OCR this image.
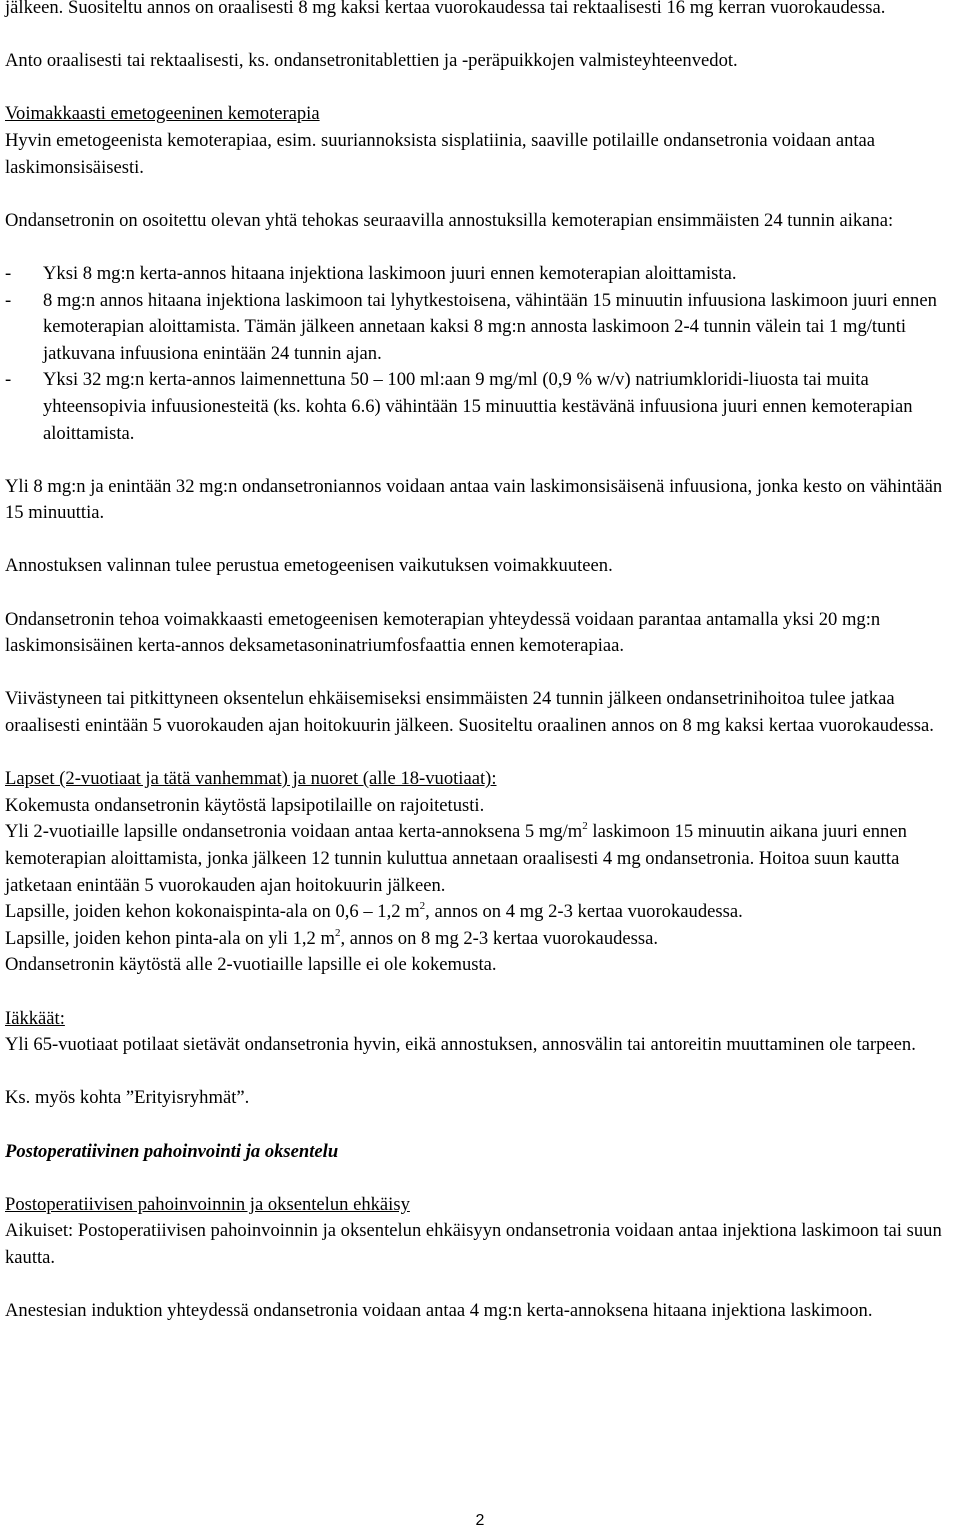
jälkeen. Suositeltu annos on oraalisesti 8 mg kaksi kertaa vuorokaudessa tai rektaalisesti 16 mg kerran vuorokaudessa.

Anto oraalisesti tai rektaalisesti, ks. ondansetronitablettien ja -peräpuikkojen valmisteyhteenvedot.

Voimakkaasti emetogeeninen kemoterapia

Hyvin emetogeenista kemoterapiaa, esim. suuriannoksista sisplatiinia, saaville potilaille ondansetronia voidaan antaa laskimonsisäisesti.

Ondansetronin on osoitettu olevan yhtä tehokas seuraavilla annostuksilla kemoterapian ensimmäisten 24 tunnin aikana:

-	Yksi 8 mg:n kerta-annos hitaana injektiona laskimoon juuri ennen kemoterapian aloittamista.
-	8 mg:n annos hitaana injektiona laskimoon tai lyhytkestoisena, vähintään 15 minuutin infuusiona laskimoon juuri ennen kemoterapian aloittamista. Tämän jälkeen annetaan kaksi 8 mg:n annosta laskimoon 2-4 tunnin välein tai 1 mg/tunti jatkuvana infuusiona enintään 24 tunnin ajan.
-	Yksi 32 mg:n kerta-annos laimennettuna 50 – 100 ml:aan 9 mg/ml (0,9 % w/v) natriumkloridi-liuosta tai muita yhteensopivia infuusionesteitä (ks. kohta 6.6) vähintään 15 minuuttia kestävänä infuusiona juuri ennen kemoterapian aloittamista.

Yli 8 mg:n ja enintään 32 mg:n ondansetroniannos voidaan antaa vain laskimonsisäisenä infuusiona, jonka kesto on vähintään 15 minuuttia.

Annostuksen valinnan tulee perustua emetogeenisen vaikutuksen voimakkuuteen.

Ondansetronin tehoa voimakkaasti emetogeenisen kemoterapian yhteydessä voidaan parantaa antamalla yksi 20 mg:n laskimonsisäinen kerta-annos deksametasoninatriumfosfaattia ennen kemoterapiaa.

Viivästyneen tai pitkittyneen oksentelun ehkäisemiseksi ensimmäisten 24 tunnin jälkeen ondansetrinihoitoa tulee jatkaa oraalisesti enintään 5 vuorokauden ajan hoitokuurin jälkeen. Suositeltu oraalinen annos on 8 mg kaksi kertaa vuorokaudessa.

Lapset (2-vuotiaat ja tätä vanhemmat) ja nuoret (alle 18-vuotiaat):

Kokemusta ondansetronin käytöstä lapsipotilaille on rajoitetusti.

Yli 2-vuotiaille lapsille ondansetronia voidaan antaa kerta-annoksena 5 $mg/m^2$ laskimoon 15 minuutin aikana juuri ennen kemoterapian aloittamista, jonka jälkeen 12 tunnin kuluttua annetaan oraalisesti 4 mg ondansetronia. Hoitoa suun kautta jatketaan enintään 5 vuorokauden ajan hoitokuurin jälkeen.

Lapsille, joiden kehon kokonaispinta-ala on 0,6 – 1,2 $m^2$, annos on 4 mg 2-3 kertaa vuorokaudessa.

Lapsille, joiden kehon pinta-ala on yli 1,2 $m^2$, annos on 8 mg 2-3 kertaa vuorokaudessa.

Ondansetronin käytöstä alle 2-vuotiaille lapsille ei ole kokemusta.

Iäkkäät:

Yli 65-vuotiaat potilaat sietävät ondansetronia hyvin, eikä annostuksen, annosvälin tai antoreitin muuttaminen ole tarpeen.

Ks. myös kohta ”Erityisryhmät”.

Postoperatiivinen pahoinvointi ja oksentelu

Postoperatiivisen pahoinvoinnin ja oksentelun ehkäisy

Aikuiset: Postoperatiivisen pahoinvoinnin ja oksentelun ehkäisyyn ondansetronia voidaan antaa injektiona laskimoon tai suun kautta.

Anestesian induktion yhteydessä ondansetronia voidaan antaa 4 mg:n kerta-annoksena hitaana injektiona laskimoon.

2
